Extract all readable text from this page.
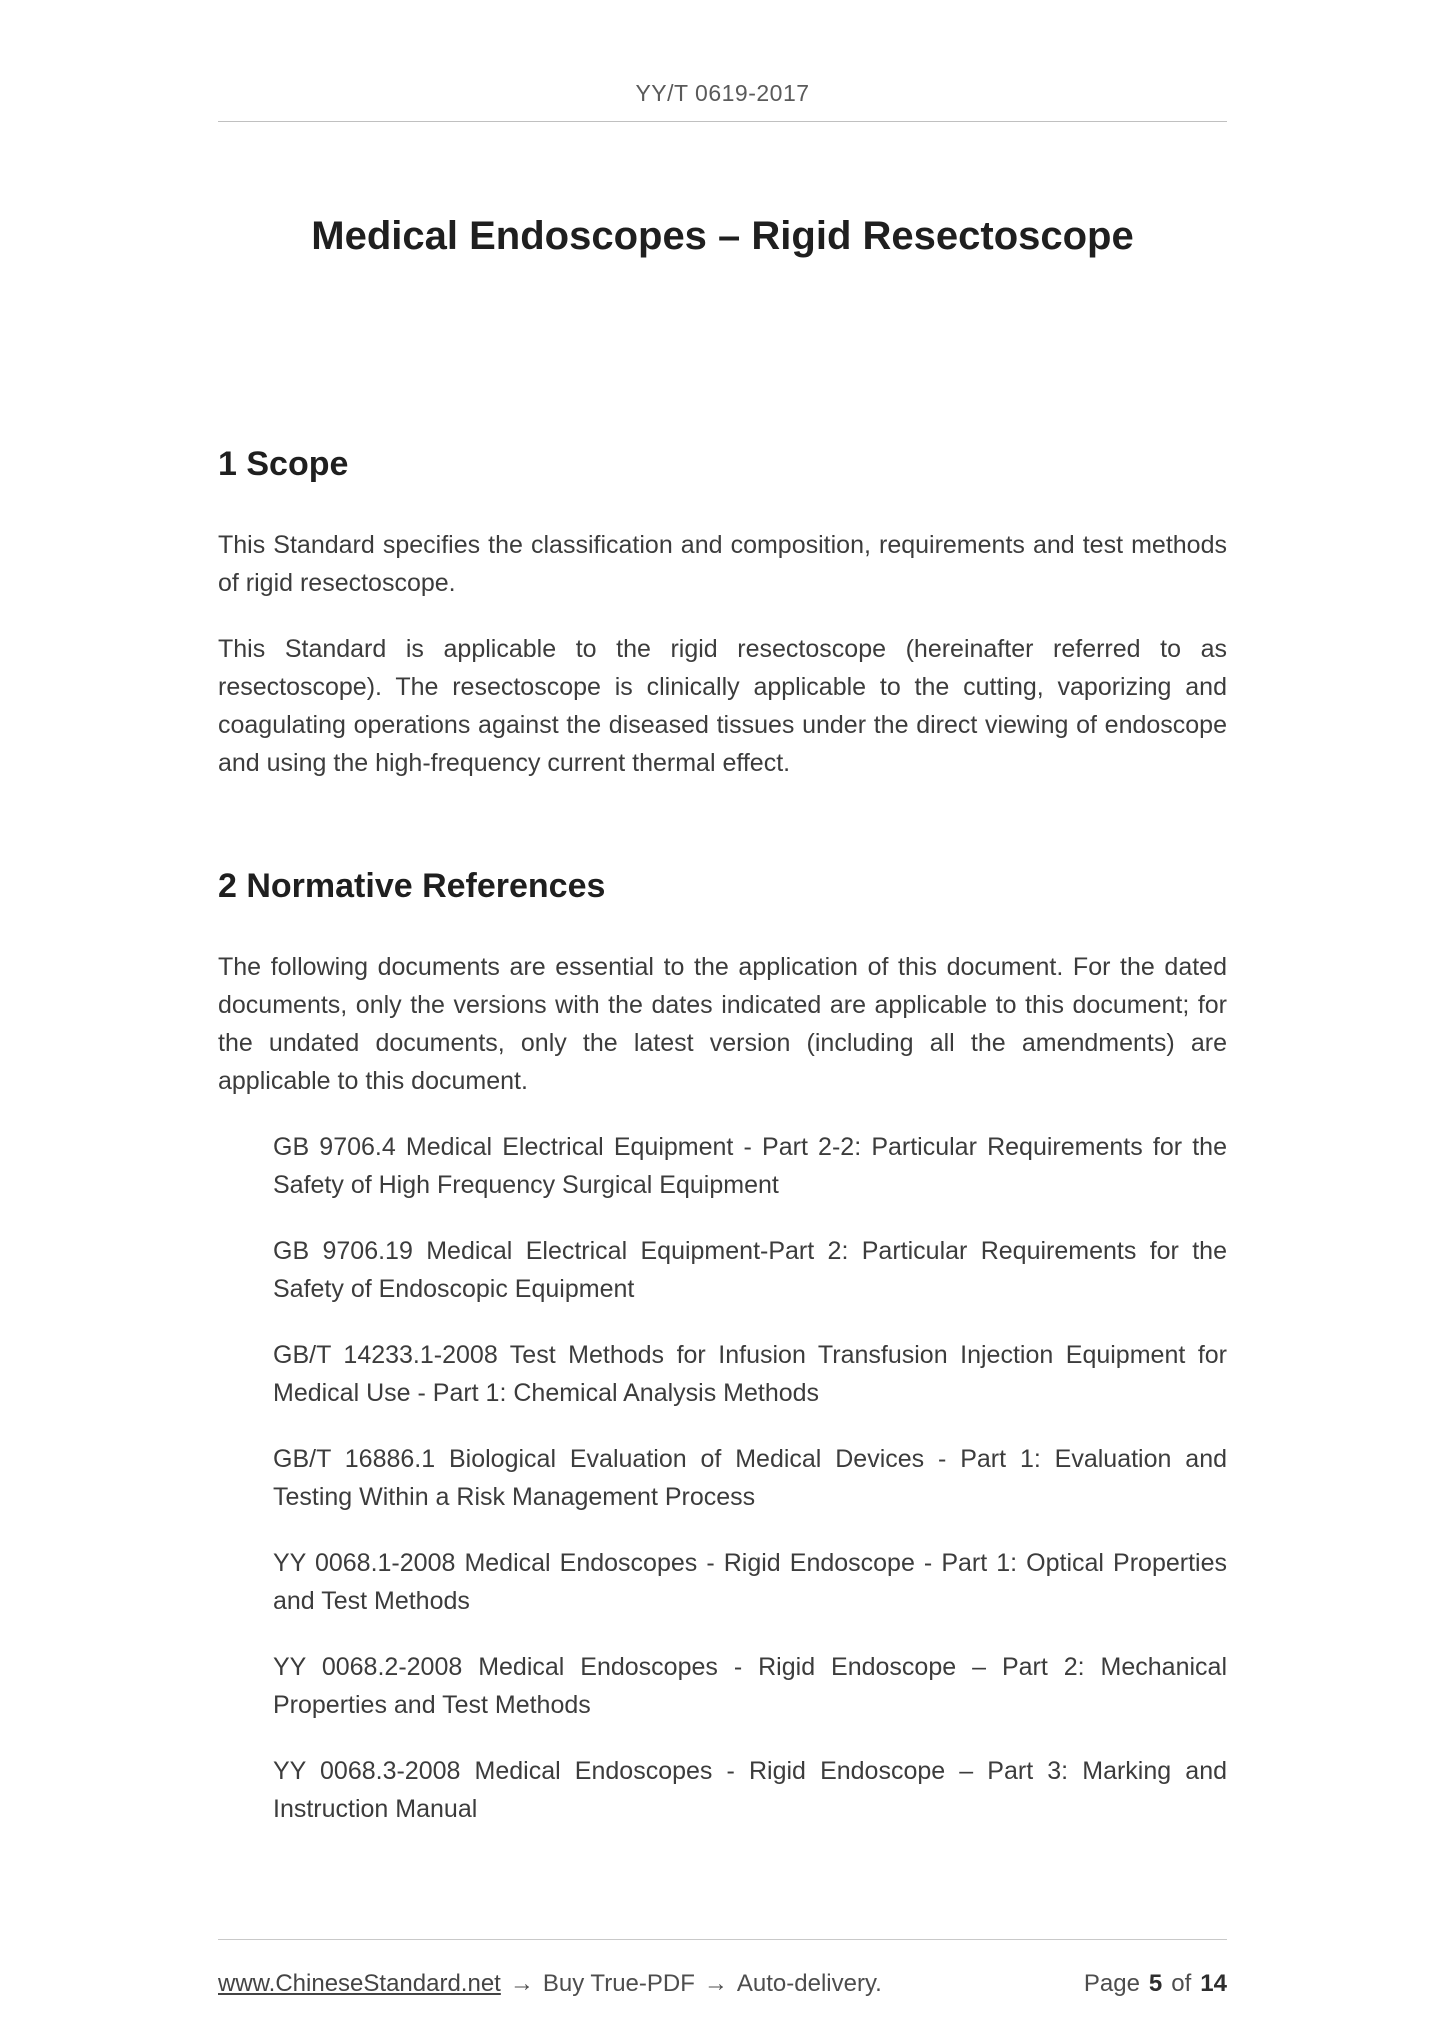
YY/T 0619-2017
Medical Endoscopes – Rigid Resectoscope
1 Scope

This Standard specifies the classification and composition, requirements and test methods of rigid resectoscope.

This Standard is applicable to the rigid resectoscope (hereinafter referred to as resectoscope). The resectoscope is clinically applicable to the cutting, vaporizing and coagulating operations against the diseased tissues under the direct viewing of endoscope and using the high-frequency current thermal effect.

2 Normative References

The following documents are essential to the application of this document. For the dated documents, only the versions with the dates indicated are applicable to this document; for the undated documents, only the latest version (including all the amendments) are applicable to this document.

GB 9706.4 Medical Electrical Equipment - Part 2-2: Particular Requirements for the Safety of High Frequency Surgical Equipment

GB 9706.19 Medical Electrical Equipment-Part 2: Particular Requirements for the Safety of Endoscopic Equipment

GB/T 14233.1-2008 Test Methods for Infusion Transfusion Injection Equipment for Medical Use - Part 1: Chemical Analysis Methods

GB/T 16886.1 Biological Evaluation of Medical Devices - Part 1: Evaluation and Testing Within a Risk Management Process

YY 0068.1-2008 Medical Endoscopes - Rigid Endoscope - Part 1: Optical Properties and Test Methods

YY 0068.2-2008 Medical Endoscopes - Rigid Endoscope – Part 2: Mechanical Properties and Test Methods

YY 0068.3-2008 Medical Endoscopes - Rigid Endoscope – Part 3: Marking and Instruction Manual

www.ChineseStandard.net → Buy True-PDF → Auto-delivery.	Page 5 of 14
